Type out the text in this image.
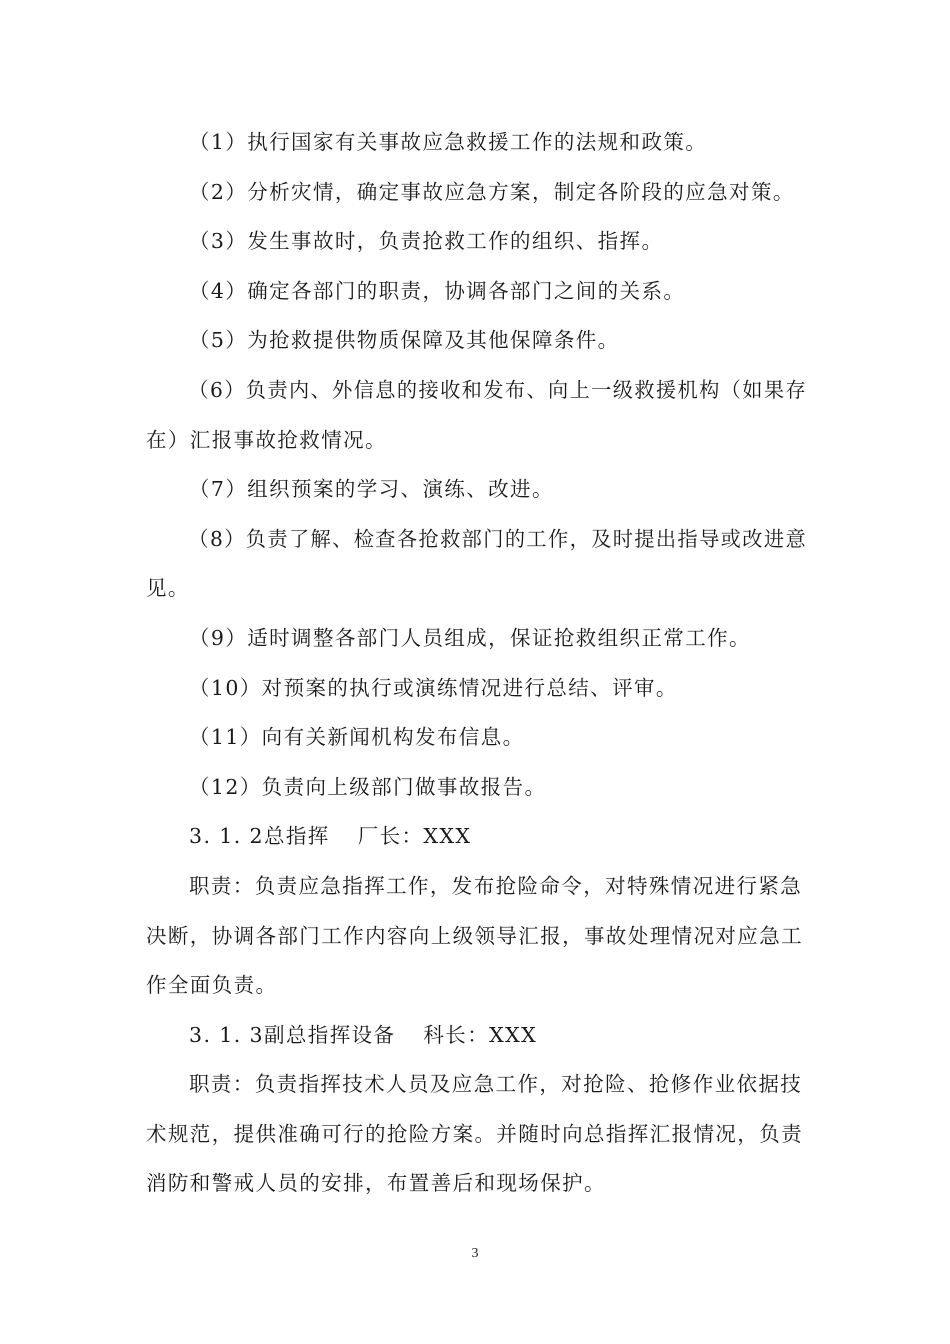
（1）执行国家有关事故应急救援工作的法规和政策。
（2）分析灾情，确定事故应急方案，制定各阶段的应急对策。
（3）发生事故时，负责抢救工作的组织、指挥。
（4）确定各部门的职责，协调各部门之间的关系。
（5）为抢救提供物质保障及其他保障条件。
（6）负责内、外信息的接收和发布、向上一级救援机构（如果存
在）汇报事故抢救情况。
（7）组织预案的学习、演练、改进。
（8）负责了解、检查各抢救部门的工作，及时提出指导或改进意
见。
（9）适时调整各部门人员组成，保证抢救组织正常工作。
（10）对预案的执行或演练情况进行总结、评审。
（11）向有关新闻机构发布信息。
（12）负责向上级部门做事故报告。
3. 1. 2总指挥 厂长：XXX
职责：负责应急指挥工作，发布抢险命令，对特殊情况进行紧急
决断，协调各部门工作内容向上级领导汇报，事故处理情况对应急工
作全面负责。
3. 1. 3副总指挥设备 科长：XXX
职责：负责指挥技术人员及应急工作，对抢险、抢修作业依据技
术规范，提供准确可行的抢险方案。并随时向总指挥汇报情况，负责
消防和警戒人员的安排，布置善后和现场保护。
3
